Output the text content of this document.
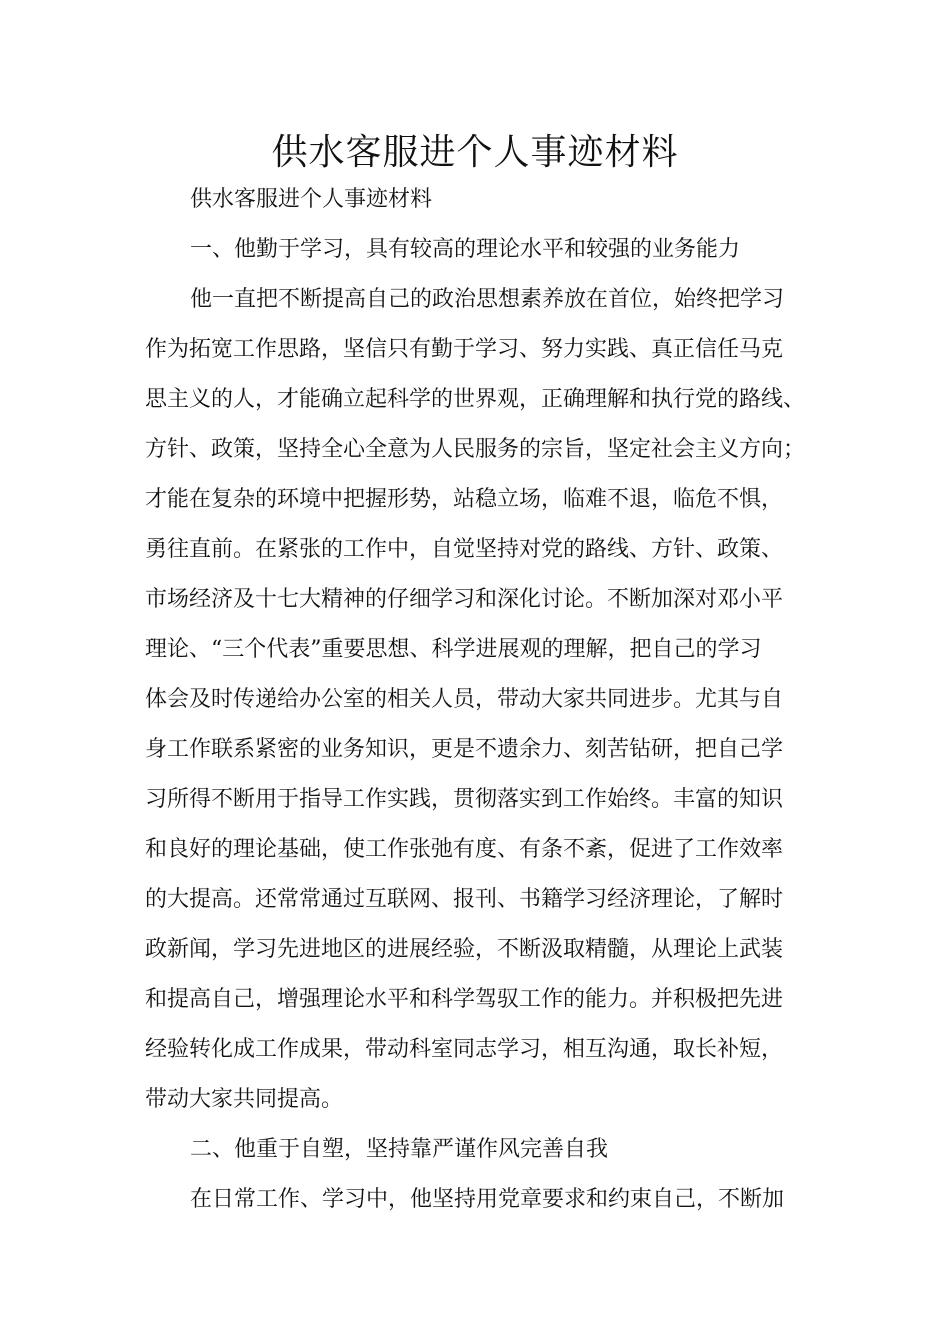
供水客服进个人事迹材料

供水客服进个人事迹材料

一、他勤于学习，具有较高的理论水平和较强的业务能力

他一直把不断提高自己的政治思想素养放在首位，始终把学习

作为拓宽工作思路，坚信只有勤于学习、努力实践、真正信任马克

思主义的人，才能确立起科学的世界观，正确理解和执行党的路线、

方针、政策，坚持全心全意为人民服务的宗旨，坚定社会主义方向；

才能在复杂的环境中把握形势，站稳立场，临难不退，临危不惧，

勇往直前。在紧张的工作中，自觉坚持对党的路线、方针、政策、

市场经济及十七大精神的仔细学习和深化讨论。不断加深对邓小平

理论、“三个代表”重要思想、科学进展观的理解，把自己的学习

体会及时传递给办公室的相关人员，带动大家共同进步。尤其与自

身工作联系紧密的业务知识，更是不遗余力、刻苦钻研，把自己学

习所得不断用于指导工作实践，贯彻落实到工作始终。丰富的知识

和良好的理论基础，使工作张弛有度、有条不紊，促进了工作效率

的大提高。还常常通过互联网、报刊、书籍学习经济理论，了解时

政新闻，学习先进地区的进展经验，不断汲取精髓，从理论上武装

和提高自己，增强理论水平和科学驾驭工作的能力。并积极把先进

经验转化成工作成果，带动科室同志学习，相互沟通，取长补短，

带动大家共同提高。

二、他重于自塑，坚持靠严谨作风完善自我

在日常工作、学习中，他坚持用党章要求和约束自己，不断加
